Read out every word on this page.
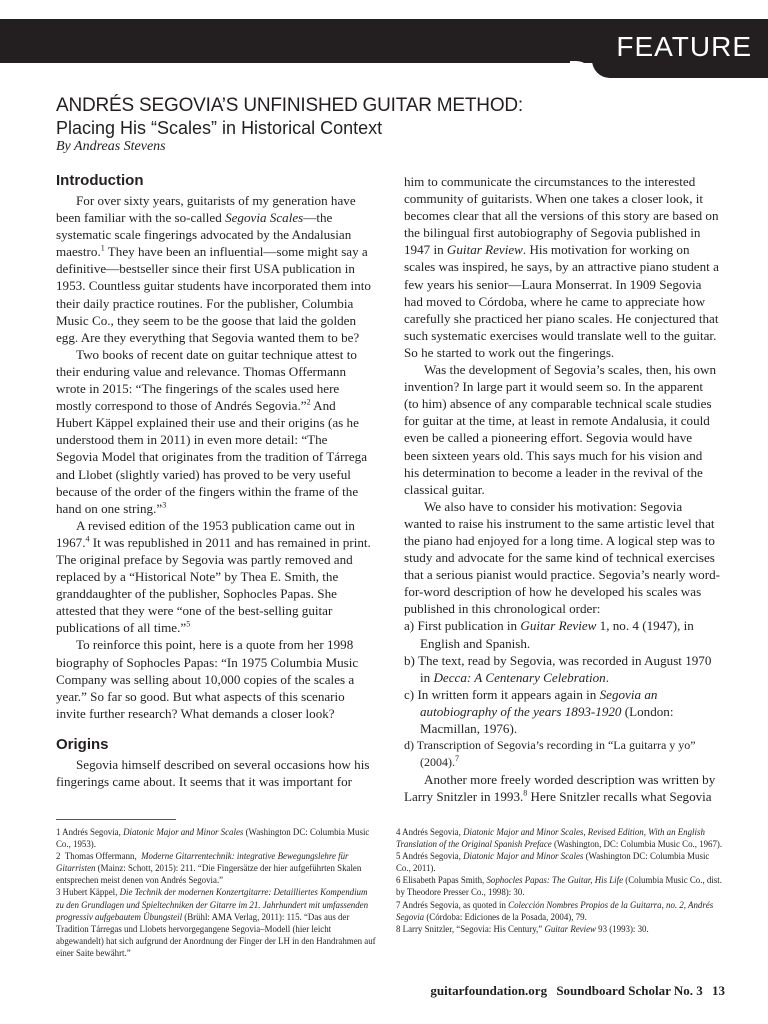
FEATURE
ANDRÉS SEGOVIA’S UNFINISHED GUITAR METHOD:
Placing His “Scales” in Historical Context
By Andreas Stevens
Introduction

For over sixty years, guitarists of my generation have been familiar with the so-called Segovia Scales—the systematic scale fingerings advocated by the Andalusian maestro.$^1$ They have been an influential—some might say a definitive—bestseller since their first USA publication in 1953. Countless guitar students have incorporated them into their daily practice routines. For the publisher, Columbia Music Co., they seem to be the goose that laid the golden egg. Are they everything that Segovia wanted them to be?

Two books of recent date on guitar technique attest to their enduring value and relevance. Thomas Offermann wrote in 2015: “The fingerings of the scales used here mostly correspond to those of Andrés Segovia.”$^2$ And Hubert Käppel explained their use and their origins (as he understood them in 2011) in even more detail: “The Segovia Model that originates from the tradition of Tárrega and Llobet (slightly varied) has proved to be very useful because of the order of the fingers within the frame of the hand on one string.”$^3$

A revised edition of the 1953 publication came out in 1967.$^4$ It was republished in 2011 and has remained in print. The original preface by Segovia was partly removed and replaced by a “Historical Note” by Thea E. Smith, the granddaughter of the publisher, Sophocles Papas. She attested that they were “one of the best-selling guitar publications of all time.”$^5$

To reinforce this point, here is a quote from her 1998 biography of Sophocles Papas: “In 1975 Columbia Music Company was selling about 10,000 copies of the scales a year.” So far so good. But what aspects of this scenario invite further research? What demands a closer look?

Origins

Segovia himself described on several occasions how his fingerings came about. It seems that it was important for

him to communicate the circumstances to the interested community of guitarists. When one takes a closer look, it becomes clear that all the versions of this story are based on the bilingual first autobiography of Segovia published in 1947 in Guitar Review. His motivation for working on scales was inspired, he says, by an attractive piano student a few years his senior—Laura Monserrat. In 1909 Segovia had moved to Córdoba, where he came to appreciate how carefully she practiced her piano scales. He conjectured that such systematic exercises would translate well to the guitar. So he started to work out the fingerings.

Was the development of Segovia’s scales, then, his own invention? In large part it would seem so. In the apparent (to him) absence of any comparable technical scale studies for guitar at the time, at least in remote Andalusia, it could even be called a pioneering effort. Segovia would have been sixteen years old. This says much for his vision and his determination to become a leader in the revival of the classical guitar.

We also have to consider his motivation: Segovia wanted to raise his instrument to the same artistic level that the piano had enjoyed for a long time. A logical step was to study and advocate for the same kind of technical exercises that a serious pianist would practice. Segovia’s nearly word-for-word description of how he developed his scales was published in this chronological order:

a) First publication in Guitar Review 1, no. 4 (1947), in English and Spanish.

b) The text, read by Segovia, was recorded in August 1970 in Decca: A Centenary Celebration.

c) In written form it appears again in Segovia an autobiography of the years 1893-1920 (London: Macmillan, 1976).

d) Transcription of Segovia’s recording in “La guitarra y yo” (2004).$^7$

Another more freely worded description was written by Larry Snitzler in 1993.$^8$ Here Snitzler recalls what Segovia

1 Andrés Segovia, Diatonic Major and Minor Scales (Washington DC: Columbia Music Co., 1953).

2  Thomas Offermann,  Moderne Gitarrentechnik: integrative Bewegungslehre für Gitarristen (Mainz: Schott, 2015): 211. “Die Fingersätze der hier aufgeführten Skalen entsprechen meist denen von Andrés Segovia.”

3 Hubert Käppel, Die Technik der modernen Konzertgitarre: Detailliertes Kompendium zu den Grundlagen und Spieltechniken der Gitarre im 21. Jahrhundert mit umfassenden progressiv aufgebautem Übungsteil (Brühl: AMA Verlag, 2011): 115. “Das aus der Tradition Tárregas und Llobets hervorgegangene Segovia–Modell (hier leicht abgewandelt) hat sich aufgrund der Anordnung der Finger der LH in den Handrahmen auf einer Saite bewährt.”

4 Andrés Segovia, Diatonic Major and Minor Scales, Revised Edition, With an English Translation of the Original Spanish Preface (Washington, DC: Columbia Music Co., 1967).

5 Andrés Segovia, Diatonic Major and Minor Scales (Washington DC: Columbia Music Co., 2011).

6 Elisabeth Papas Smith, Sophocles Papas: The Guitar, His Life (Columbia Music Co., dist. by Theodore Presser Co., 1998): 30.

7 Andrés Segovia, as quoted in Colección Nombres Propios de la Guitarra, no. 2, Andrés Segovia (Córdoba: Ediciones de la Posada, 2004), 79.

8 Larry Snitzler, “Segovia: His Century,” Guitar Review 93 (1993): 30.

guitarfoundation.org Soundboard Scholar No. 3 13
